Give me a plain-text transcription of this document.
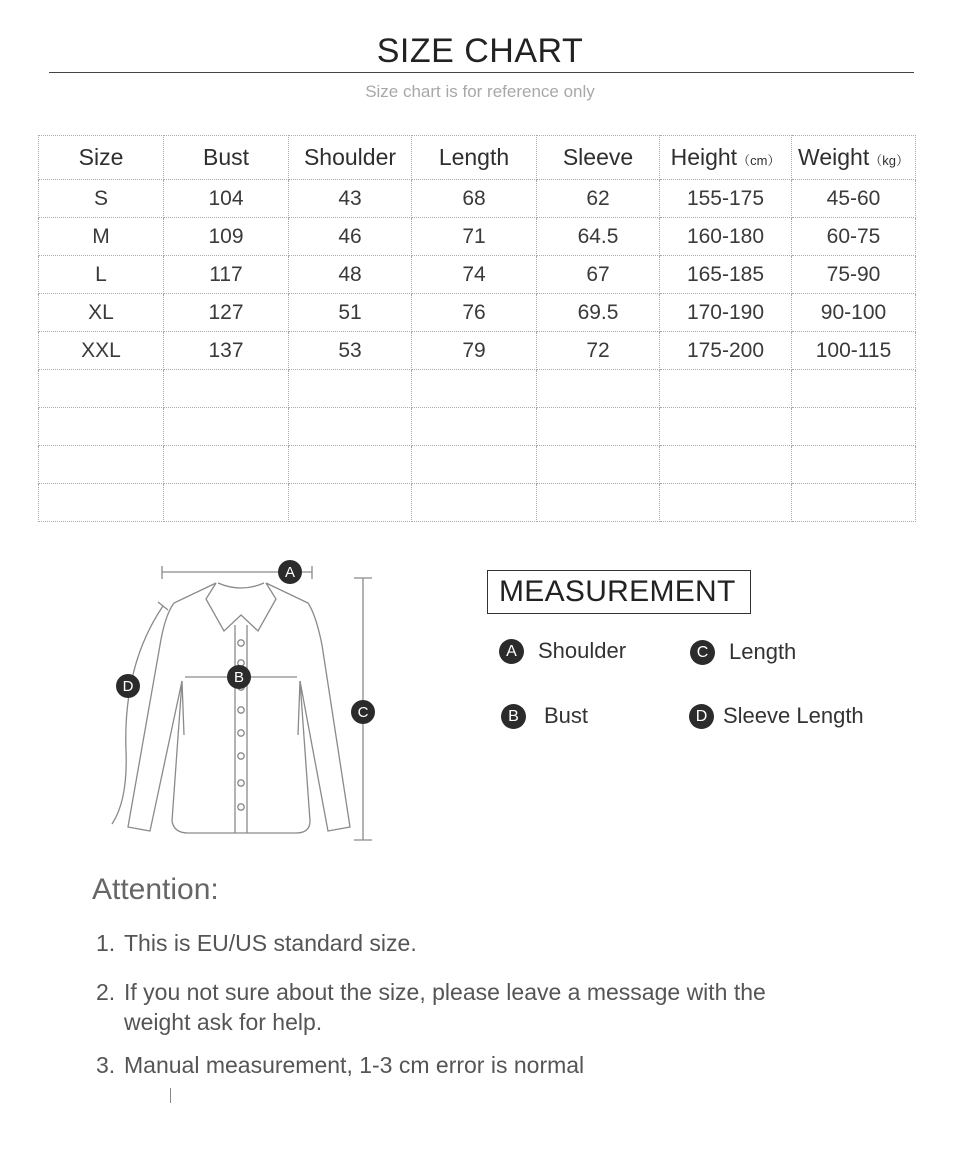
SIZE CHART
Size chart is for reference only
Size	Bust	Shoulder	Length	Sleeve	Height（cm）	Weight（kg）
S	104	43	68	62	155-175	45-60
M	109	46	71	64.5	160-180	60-75
L	117	48	74	67	165-185	75-90
XL	127	51	76	69.5	170-190	90-100
XXL	137	53	79	72	175-200	100-115

A
B
C
D
MEASUREMENT
A Shoulder	C Length
B	Bust	D Sleeve Length
Attention:
1. This is EU/US standard size.
2. If you not sure about the size, please leave a message with the
weight ask for help.
3. Manual measurement, 1-3 cm error is normal
